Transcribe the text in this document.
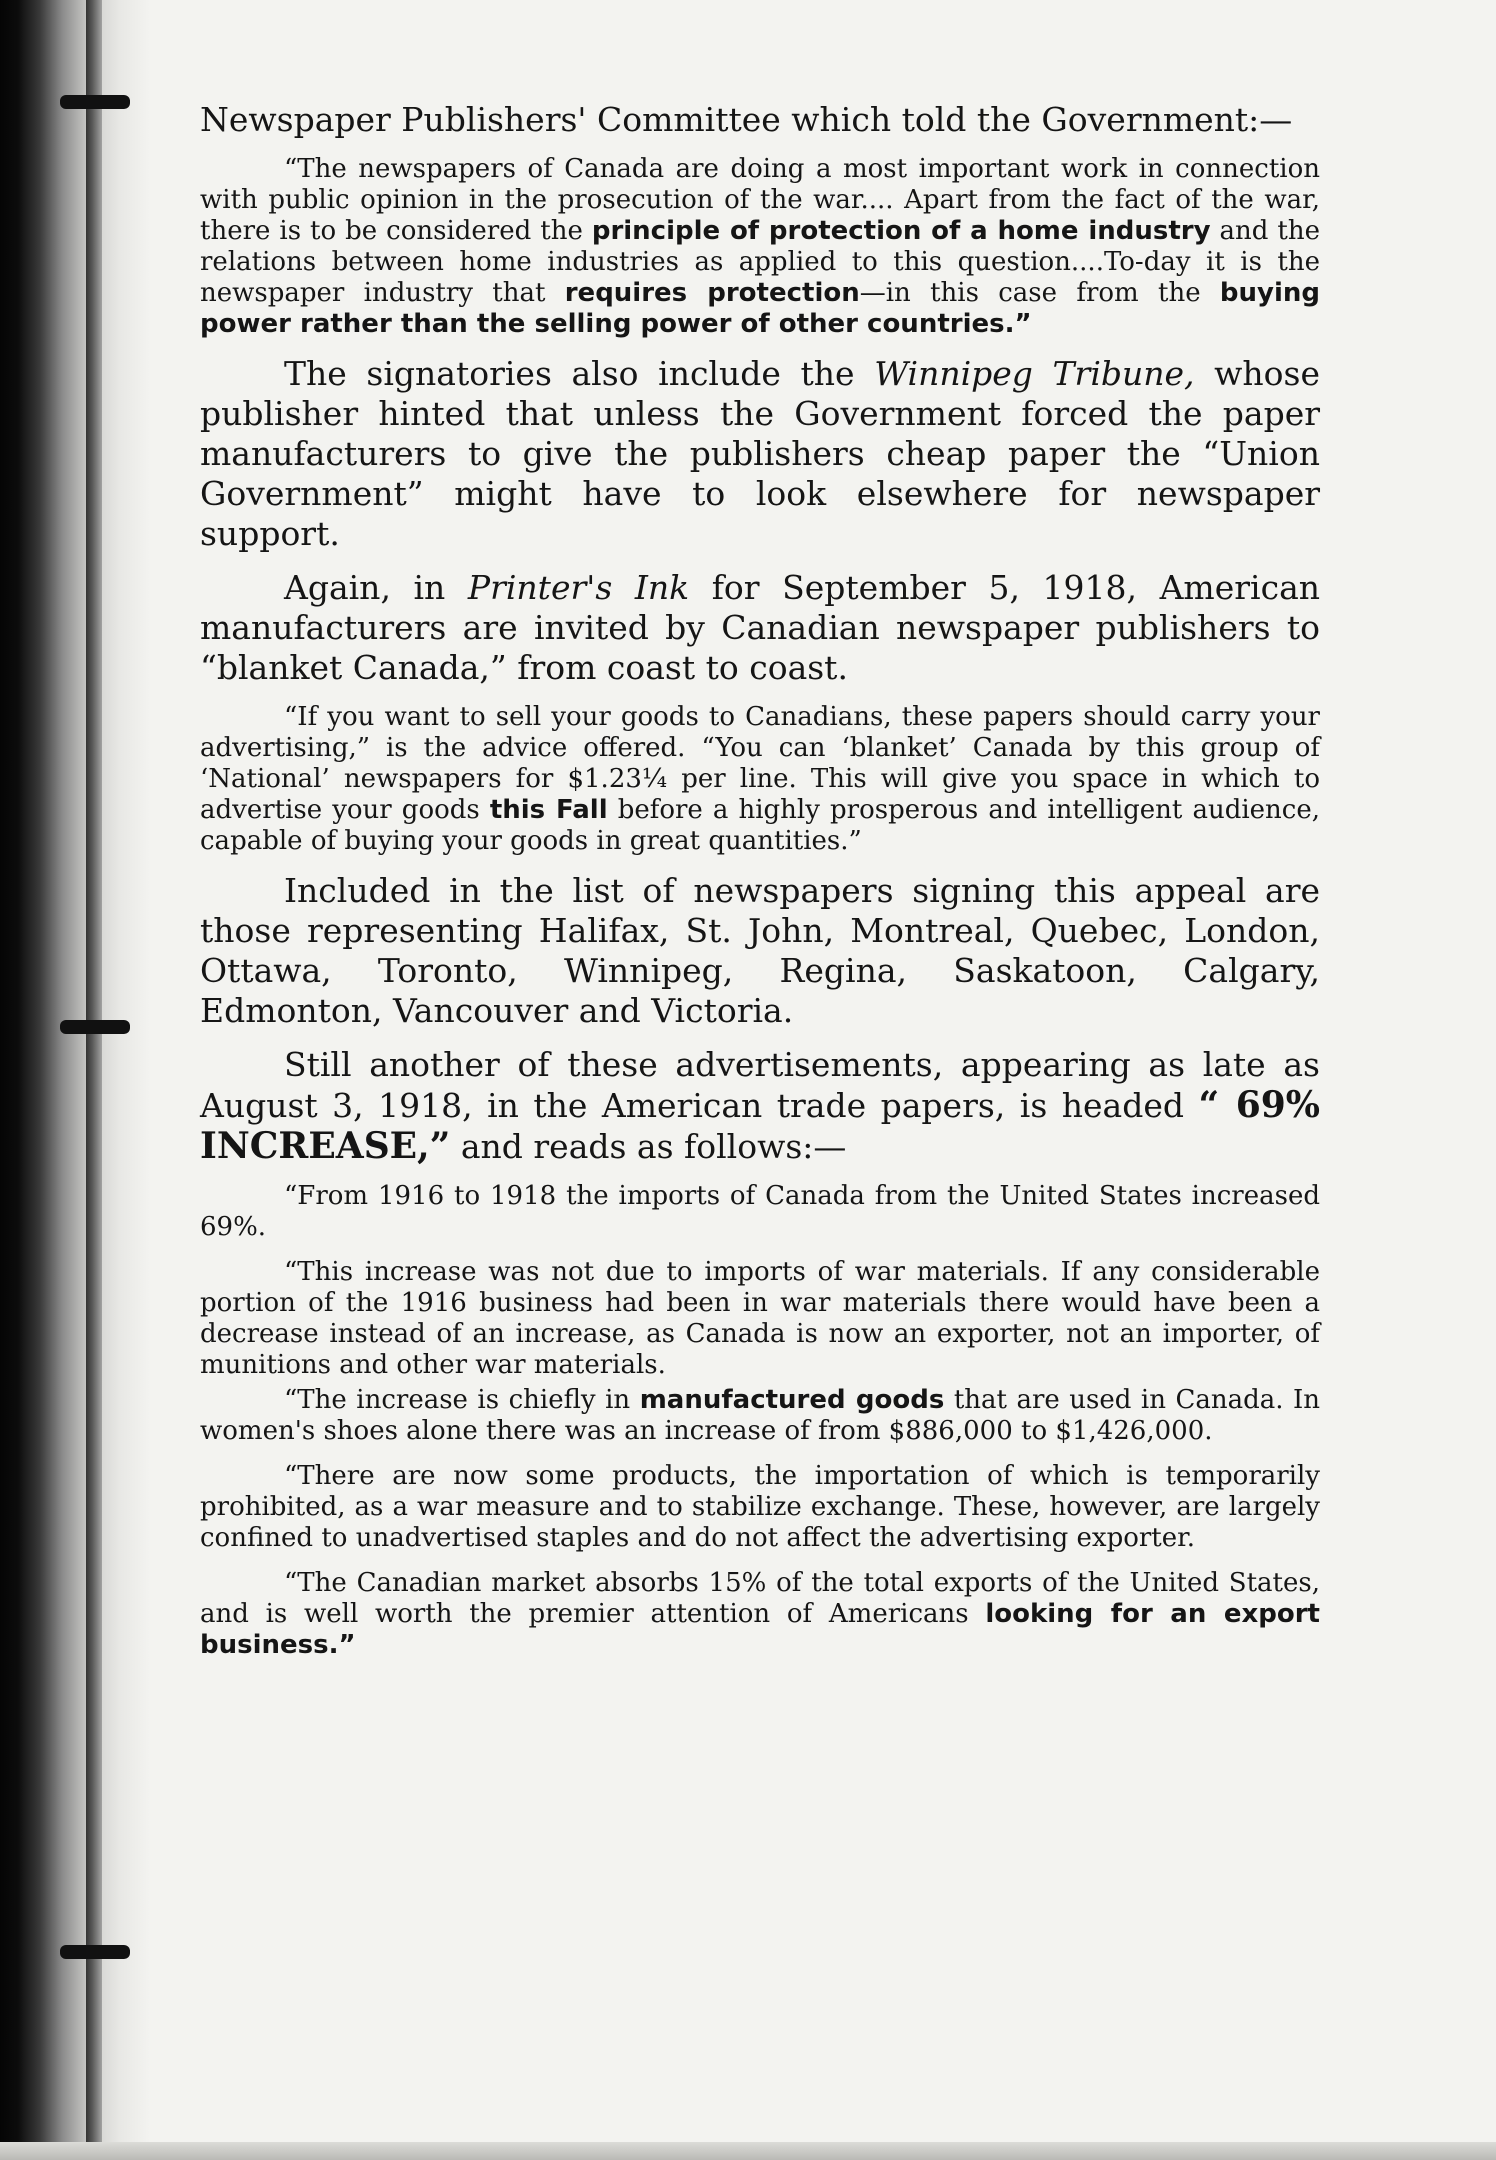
Newspaper Publishers' Committee which told the Government:—

“The newspapers of Canada are doing a most important work in connection with public opinion in the prosecution of the war.... Apart from the fact of the war, there is to be considered the principle of protection of a home industry and the relations between home industries as applied to this question....To-day it is the newspaper industry that requires protection—in this case from the buying power rather than the selling power of other countries.”

The signatories also include the Winnipeg Tribune, whose publisher hinted that unless the Government forced the paper manufacturers to give the publishers cheap paper the “Union Government” might have to look elsewhere for newspaper support.

Again, in Printer's Ink for September 5, 1918, American manufacturers are invited by Canadian newspaper publishers to “blanket Canada,” from coast to coast.

“If you want to sell your goods to Canadians, these papers should carry your advertising,” is the advice offered. “You can ‘blanket’ Canada by this group of ‘National’ newspapers for $1.23¼ per line. This will give you space in which to advertise your goods this Fall before a highly prosperous and intelligent audience, capable of buying your goods in great quantities.”

Included in the list of newspapers signing this appeal are those representing Halifax, St. John, Montreal, Quebec, London, Ottawa, Toronto, Winnipeg, Regina, Saskatoon, Calgary, Edmonton, Vancouver and Victoria.

Still another of these advertisements, appearing as late as August 3, 1918, in the American trade papers, is headed “ 69% INCREASE,” and reads as follows:—

“From 1916 to 1918 the imports of Canada from the United States increased 69%.

“This increase was not due to imports of war materials. If any considerable portion of the 1916 business had been in war materials there would have been a decrease instead of an increase, as Canada is now an exporter, not an importer, of munitions and other war materials.

“The increase is chiefly in manufactured goods that are used in Canada. In women's shoes alone there was an increase of from $886,000 to $1,426,000.

“There are now some products, the importation of which is temporarily prohibited, as a war measure and to stabilize exchange. These, however, are largely confined to unadvertised staples and do not affect the advertising exporter.

“The Canadian market absorbs 15% of the total exports of the United States, and is well worth the premier attention of Americans looking for an export business.”
